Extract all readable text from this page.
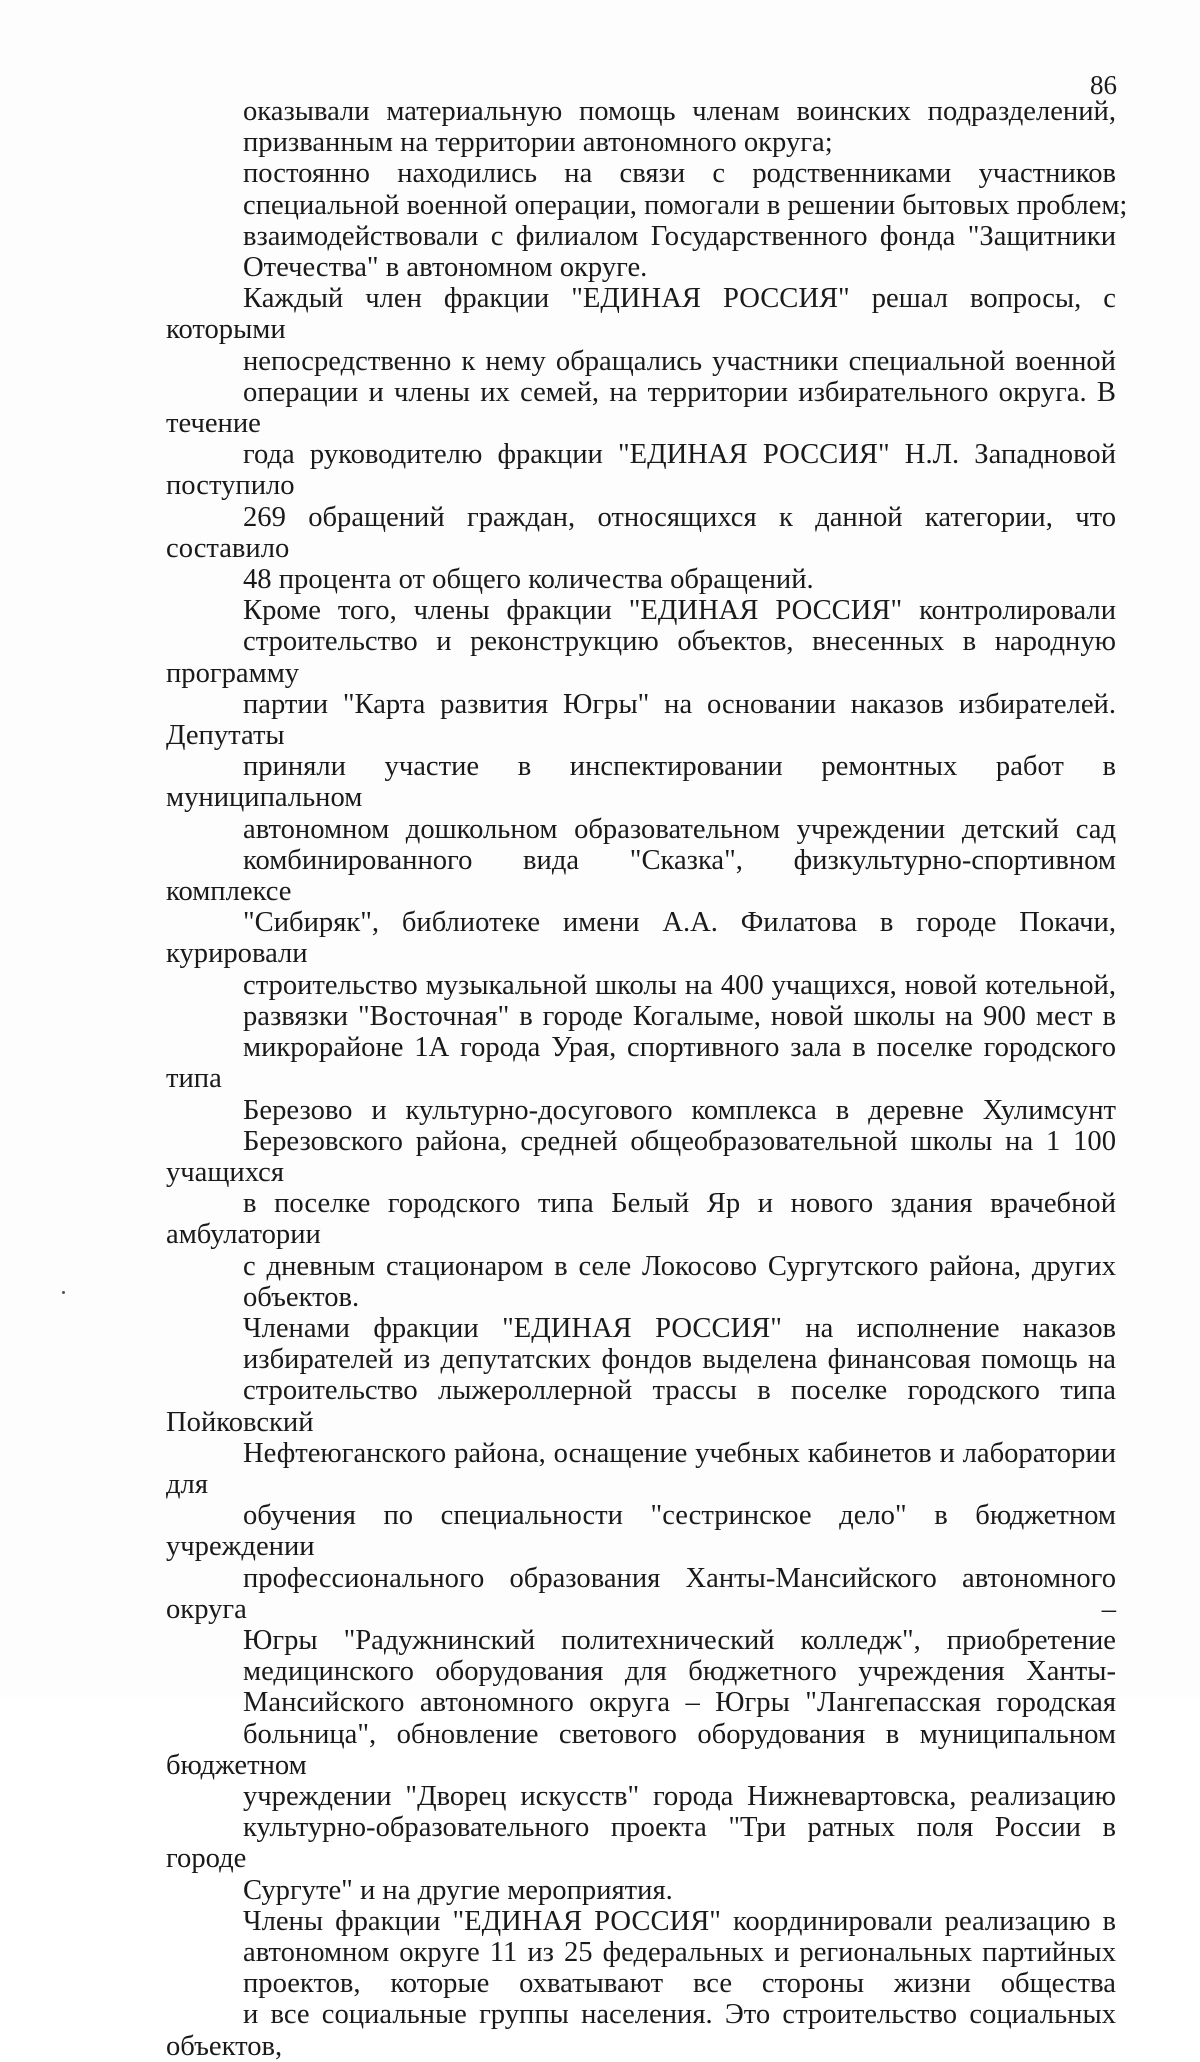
86
оказывали материальную помощь членам воинских подразделений,
призванным на территории автономного округа;
постоянно находились на связи с родственниками участников
специальной военной операции, помогали в решении бытовых проблем;
взаимодействовали с филиалом Государственного фонда "Защитники
Отечества" в автономном округе.
Каждый член фракции "ЕДИНАЯ РОССИЯ" решал вопросы, с которыми
непосредственно к нему обращались участники специальной военной
операции и члены их семей, на территории избирательного округа. В течение
года руководителю фракции "ЕДИНАЯ РОССИЯ" Н.Л. Западновой поступило
269 обращений граждан, относящихся к данной категории, что составило
48 процента от общего количества обращений.
Кроме того, члены фракции "ЕДИНАЯ РОССИЯ" контролировали
строительство и реконструкцию объектов, внесенных в народную программу
партии "Карта развития Югры" на основании наказов избирателей. Депутаты
приняли участие в инспектировании ремонтных работ в муниципальном
автономном дошкольном образовательном учреждении детский сад
комбинированного вида "Сказка", физкультурно-спортивном комплексе
"Сибиряк", библиотеке имени А.А. Филатова в городе Покачи, курировали
строительство музыкальной школы на 400 учащихся, новой котельной,
развязки "Восточная" в городе Когалыме, новой школы на 900 мест в
микрорайоне 1А города Урая, спортивного зала в поселке городского типа
Березово и культурно-досугового комплекса в деревне Хулимсунт
Березовского района, средней общеобразовательной школы на 1 100 учащихся
в поселке городского типа Белый Яр и нового здания врачебной амбулатории
с дневным стационаром в селе Локосово Сургутского района, других
объектов.
Членами фракции "ЕДИНАЯ РОССИЯ" на исполнение наказов
избирателей из депутатских фондов выделена финансовая помощь на
строительство лыжероллерной трассы в поселке городского типа Пойковский
Нефтеюганского района, оснащение учебных кабинетов и лаборатории для
обучения по специальности "сестринское дело" в бюджетном учреждении
профессионального образования Ханты-Мансийского автономного округа –
Югры "Радужнинский политехнический колледж", приобретение
медицинского оборудования для бюджетного учреждения Ханты-
Мансийского автономного округа – Югры "Лангепасская городская
больница", обновление светового оборудования в муниципальном бюджетном
учреждении "Дворец искусств" города Нижневартовска, реализацию
культурно-образовательного проекта "Три ратных поля России в городе
Сургуте" и на другие мероприятия.
Члены фракции "ЕДИНАЯ РОССИЯ" координировали реализацию в
автономном округе 11 из 25 федеральных и региональных партийных
проектов, которые охватывают все стороны жизни общества
и все социальные группы населения. Это строительство социальных объектов,
